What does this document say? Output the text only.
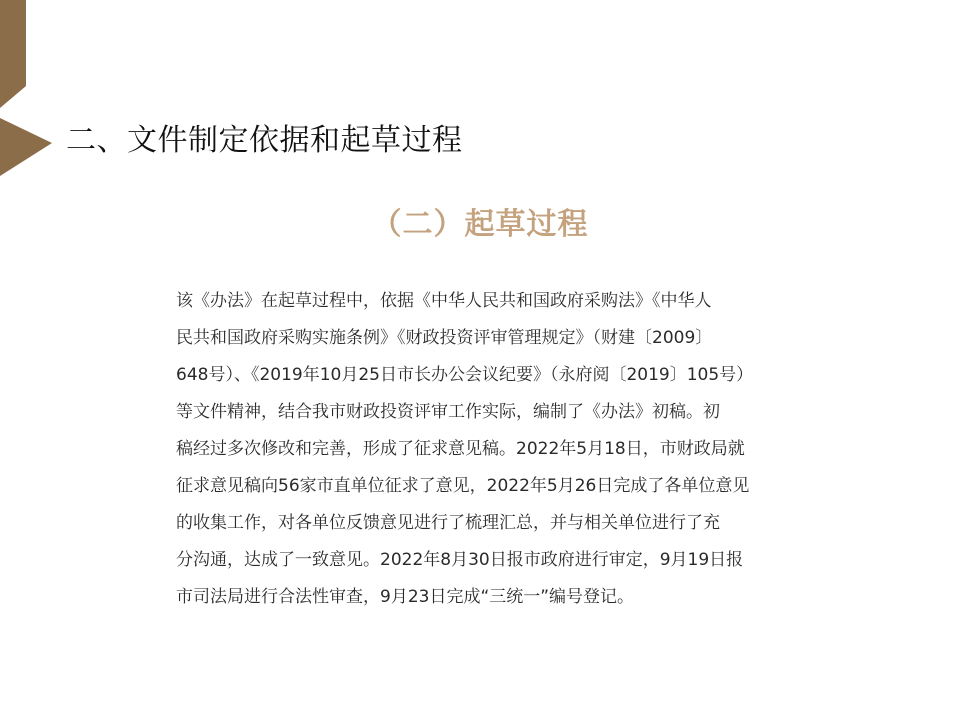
二、文件制定依据和起草过程
（二）起草过程
该《办法》在起草过程中，依据《中华人民共和国政府采购法》《中华人
民共和国政府采购实施条例》《财政投资评审管理规定》（财建〔2009〕
648号）、《2019年10月25日市长办公会议纪要》（永府阅〔2019〕105号）
等文件精神，结合我市财政投资评审工作实际，编制了《办法》初稿。初
稿经过多次修改和完善，形成了征求意见稿。2022年5月18日，市财政局就
征求意见稿向56家市直单位征求了意见，2022年5月26日完成了各单位意见
的收集工作，对各单位反馈意见进行了梳理汇总，并与相关单位进行了充
分沟通，达成了一致意见。2022年8月30日报市政府进行审定，9月19日报
市司法局进行合法性审查，9月23日完成“三统一”编号登记。
